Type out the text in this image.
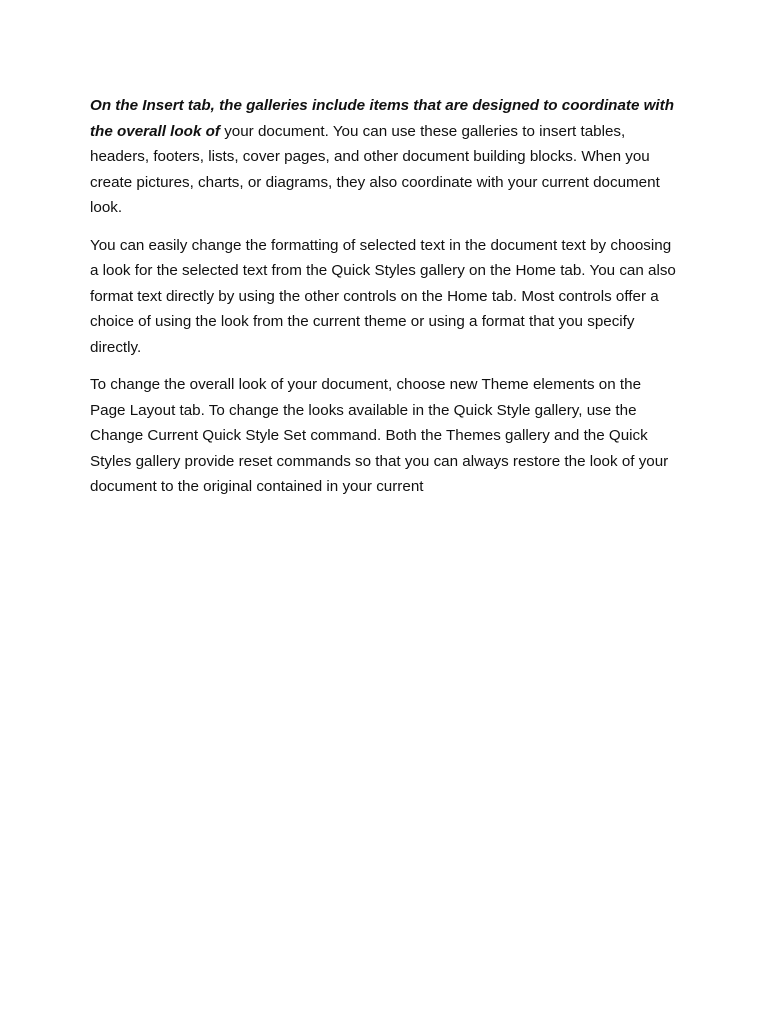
On the Insert tab, the galleries include items that are designed to coordinate with the overall look of your document. You can use these galleries to insert tables, headers, footers, lists, cover pages, and other document building blocks. When you create pictures, charts, or diagrams, they also coordinate with your current document look.

You can easily change the formatting of selected text in the document text by choosing a look for the selected text from the Quick Styles gallery on the Home tab. You can also format text directly by using the other controls on the Home tab. Most controls offer a choice of using the look from the current theme or using a format that you specify directly.

To change the overall look of your document, choose new Theme elements on the Page Layout tab. To change the looks available in the Quick Style gallery, use the Change Current Quick Style Set command. Both the Themes gallery and the Quick Styles gallery provide reset commands so that you can always restore the look of your document to the original contained in your current
